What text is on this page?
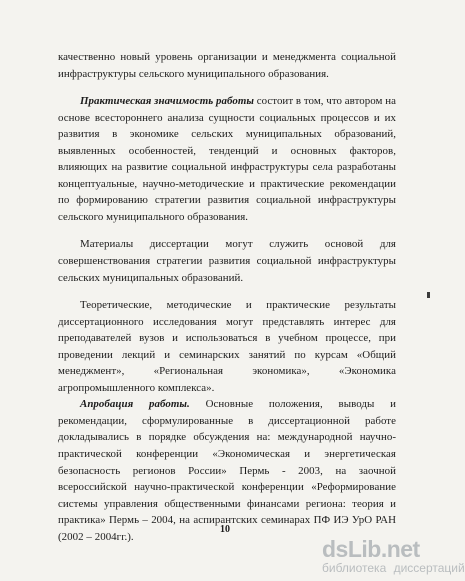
качественно новый уровень организации и менеджмента социальной инфраструктуры сельского муниципального образования.

Практическая значимость работы состоит в том, что автором на основе всестороннего анализа сущности социальных процессов и их развития в экономике сельских муниципальных образований, выявленных особенностей, тенденций и основных факторов, влияющих на развитие социальной инфраструктуры села разработаны концептуальные, научно-методические и практические рекомендации по формированию стратегии развития социальной инфраструктуры сельского муниципального образования.

Материалы диссертации могут служить основой для совершенствования стратегии развития социальной инфраструктуры сельских муниципальных образований.

Теоретические, методические и практические результаты диссертационного исследования могут представлять интерес для преподавателей вузов и использоваться в учебном процессе, при проведении лекций и семинарских занятий по курсам «Общий менеджмент», «Региональная экономика», «Экономика агропромышленного комплекса».

Апробация работы. Основные положения, выводы и рекомендации, сформулированные в диссертационной работе докладывались в порядке обсуждения на: международной научно-практической конференции «Экономическая и энергетическая безопасность регионов России» Пермь - 2003, на заочной всероссийской научно-практической конференции «Реформирование системы управления общественными финансами региона: теория и практика» Пермь – 2004, на аспирантских семинарах ПФ ИЭ УрО РАН (2002 – 2004гг.).

10
dsLib.net
библиотека диссертаций
